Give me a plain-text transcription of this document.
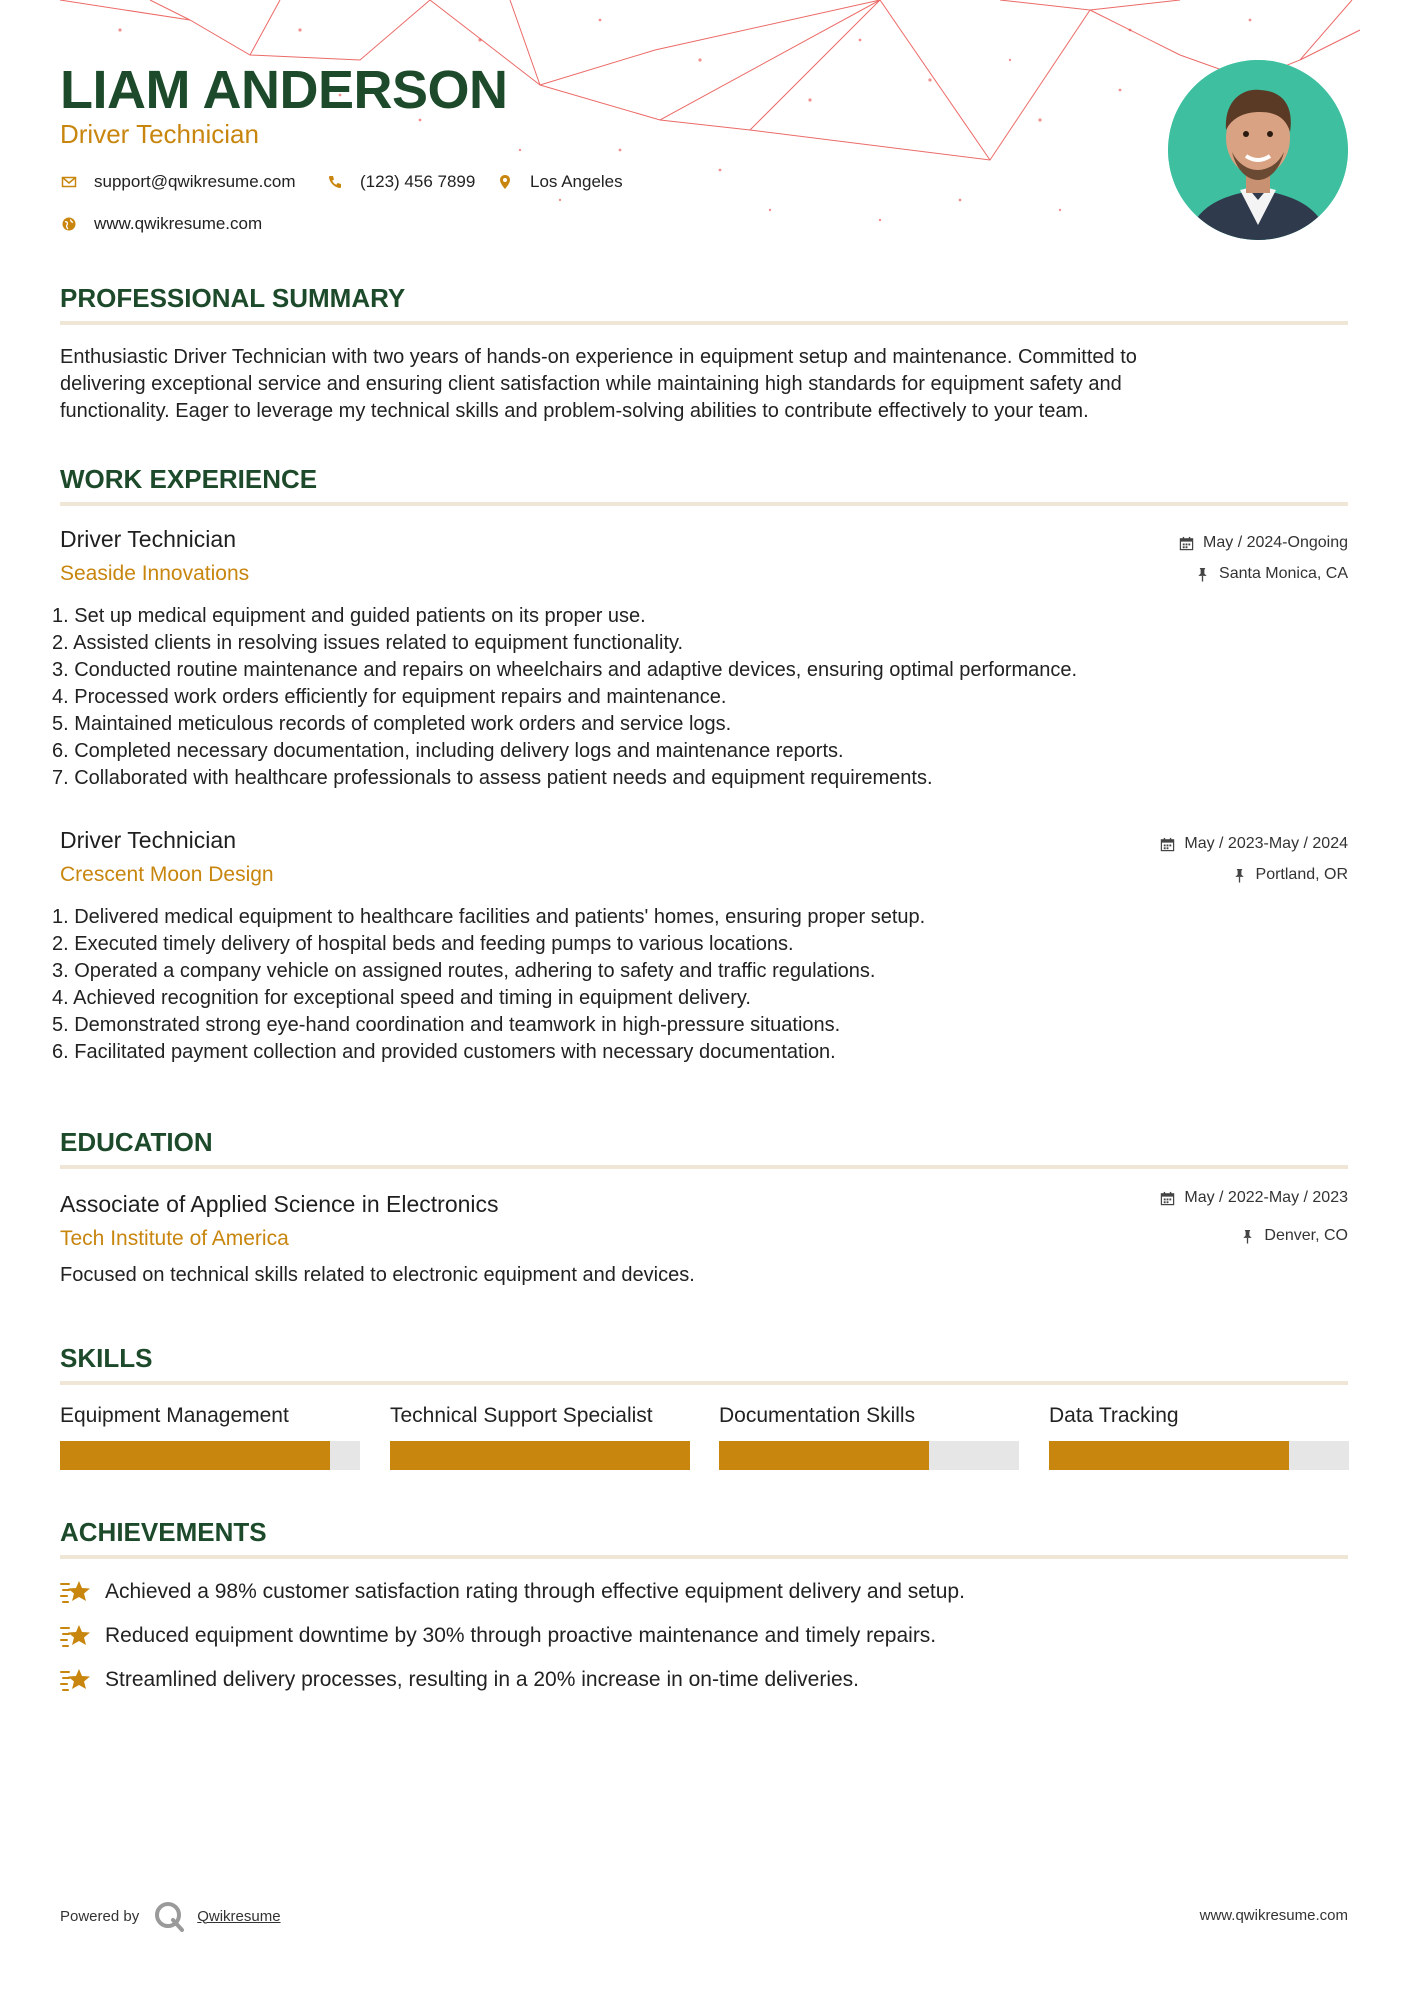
LIAM ANDERSON
Driver Technician
support@qwikresume.com	(123) 456 7899	Los Angeles
www.qwikresume.com
PROFESSIONAL SUMMARY
Enthusiastic Driver Technician with two years of hands-on experience in equipment setup and maintenance. Committed to
delivering exceptional service and ensuring client satisfaction while maintaining high standards for equipment safety and
functionality. Eager to leverage my technical skills and problem-solving abilities to contribute effectively to your team.
WORK EXPERIENCE
Driver Technician
Seaside Innovations
May / 2024-Ongoing
Santa Monica, CA
1. Set up medical equipment and guided patients on its proper use.
2. Assisted clients in resolving issues related to equipment functionality.
3. Conducted routine maintenance and repairs on wheelchairs and adaptive devices, ensuring optimal performance.
4. Processed work orders efficiently for equipment repairs and maintenance.
5. Maintained meticulous records of completed work orders and service logs.
6. Completed necessary documentation, including delivery logs and maintenance reports.
7. Collaborated with healthcare professionals to assess patient needs and equipment requirements.
Driver Technician
Crescent Moon Design
May / 2023-May / 2024
Portland, OR
1. Delivered medical equipment to healthcare facilities and patients' homes, ensuring proper setup.
2. Executed timely delivery of hospital beds and feeding pumps to various locations.
3. Operated a company vehicle on assigned routes, adhering to safety and traffic regulations.
4. Achieved recognition for exceptional speed and timing in equipment delivery.
5. Demonstrated strong eye-hand coordination and teamwork in high-pressure situations.
6. Facilitated payment collection and provided customers with necessary documentation.
EDUCATION
Associate of Applied Science in Electronics
Tech Institute of America
May / 2022-May / 2023
Denver, CO
Focused on technical skills related to electronic equipment and devices.
SKILLS
Equipment Management	Technical Support Specialist	Documentation Skills	Data Tracking
ACHIEVEMENTS
Achieved a 98% customer satisfaction rating through effective equipment delivery and setup.
Reduced equipment downtime by 30% through proactive maintenance and timely repairs.
Streamlined delivery processes, resulting in a 20% increase in on-time deliveries.
Powered by	Qwikresume	www.qwikresume.com
